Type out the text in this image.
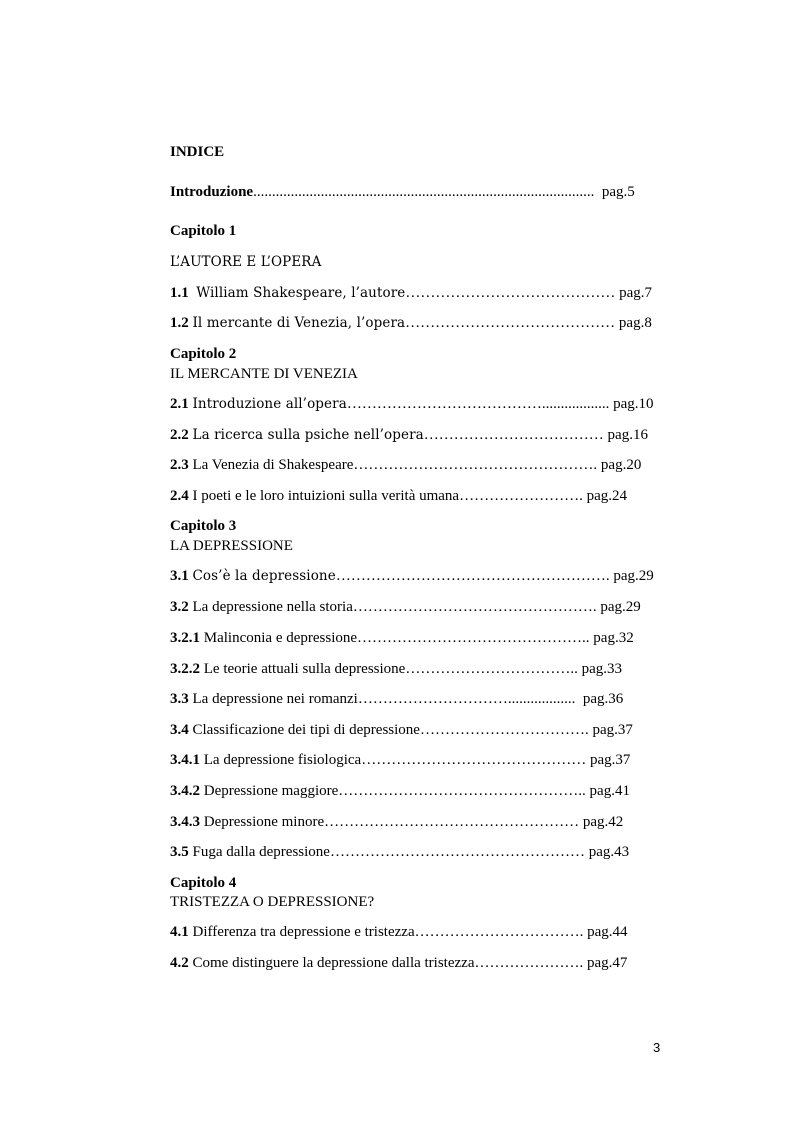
INDICE
Introduzione........................................................................................... pag.5
Capitolo 1
L’AUTORE E L’OPERA
1.1 William Shakespeare, l’autore…………………………………… pag.7
1.2 Il mercante di Venezia, l’opera…………………………………… pag.8
Capitolo 2
IL MERCANTE DI VENEZIA
2.1 Introduzione all’opera………………………………….................. pag.10
2.2 La ricerca sulla psiche nell’opera……………………………… pag.16
2.3 La Venezia di Shakespeare…………………………………………. pag.20
2.4 I poeti e le loro intuizioni sulla verità umana……………………. pag.24
Capitolo 3
LA DEPRESSIONE
3.1 Cos’è la depressione………………………………………………. pag.29
3.2 La depressione nella storia…………………………………………. pag.29
3.2.1 Malinconia e depressione……………………………………….. pag.32
3.2.2 Le teorie attuali sulla depressione…………………………….. pag.33
3.3 La depressione nei romanzi………………………….................. pag.36
3.4 Classificazione dei tipi di depressione……………………………. pag.37
3.4.1 La depressione fisiologica……………………………………… pag.37
3.4.2 Depressione maggiore………………………………………….. pag.41
3.4.3 Depressione minore…………………………………………… pag.42
3.5 Fuga dalla depressione…………………………………………… pag.43
Capitolo 4
TRISTEZZA O DEPRESSIONE?
4.1 Differenza tra depressione e tristezza……………………………. pag.44
4.2 Come distinguere la depressione dalla tristezza…………………. pag.47
3
